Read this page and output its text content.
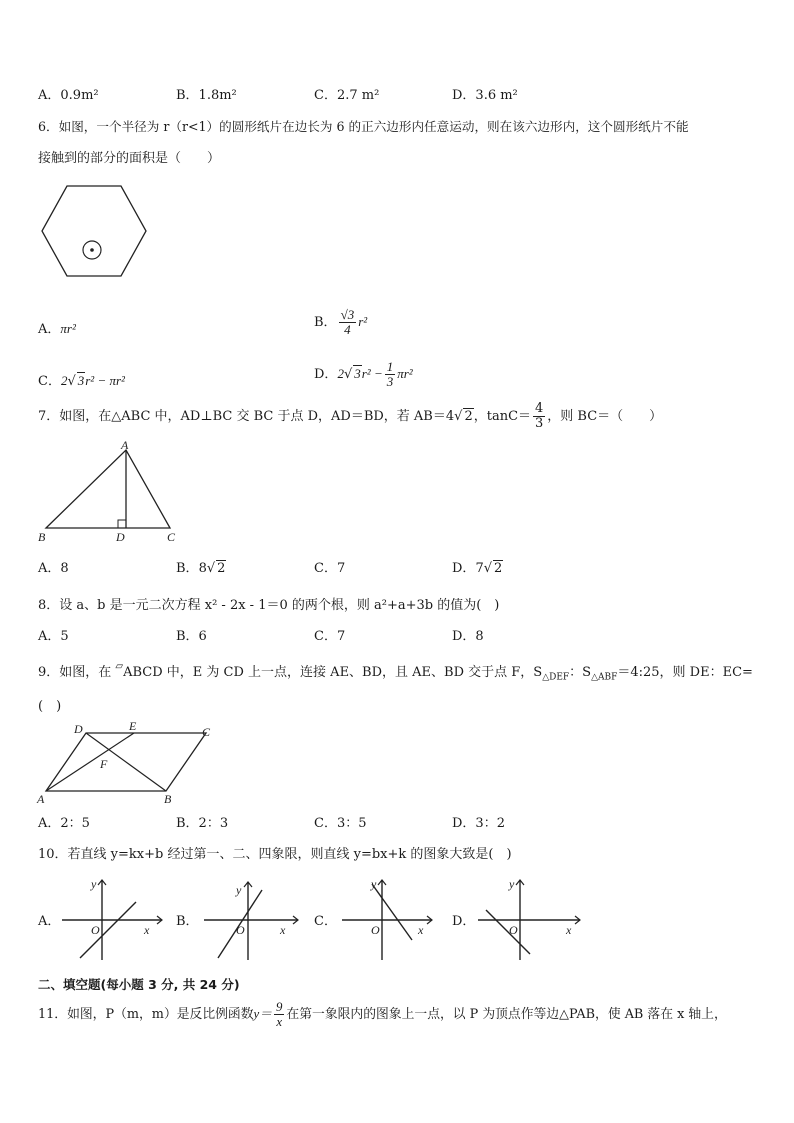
A．0.9m²	B．1.8m²	C．2.7 m²	D．3.6 m²
6．如图，一个半径为 r（r<1）的圆形纸片在边长为 6 的正六边形内任意运动，则在该六边形内，这个圆形纸片不能
接触到的部分的面积是（　　）
A．πr²	B． $\frac{√3}{4} r^2$
C．2√ 3r² − πr²	D．2√ $3r^2 - \frac{1}{3} \pi r^2$
7．如图，在△ABC 中，AD⊥BC 交 BC 于点 D，AD＝BD，若 AB＝4√ 2，$\tan C= \frac{4}{3}$ ，则 BC＝（　　）
A
B	D	C
A．8	B．8√ 2	C．7	D．7√ 2
8．设 a、b 是一元二次方程 x² - 2x - 1＝0 的两个根，则 a²+a+3b 的值为(　)
A．5	B．6	C．7	D．8
9．如图，在 ▱ABCD 中，E 为 CD 上一点，连接 AE、BD，且 AE、BD 交于点 F，$S_{\triangle DEF}$：$S_{\triangle ABF}=4:25$，则 DE：EC=
(　)
D	E	C
F
A	B
A．2：5	B．2：3	C．3：5	D．3：2
10．若直线 y=kx+b 经过第一、二、四象限，则直线 y=bx+k 的图象大致是(　)
A．
y
x
O
B．
y
x
O
C．
y
x
O
D．
y
x
O
二、填空题(每小题 3 分, 共 24 分)
11．如图，P（m，m）是反比例函数$y= \frac{9}{x}$ 在第一象限内的图象上一点，以 P 为顶点作等边△PAB，使 AB 落在 x 轴上，
